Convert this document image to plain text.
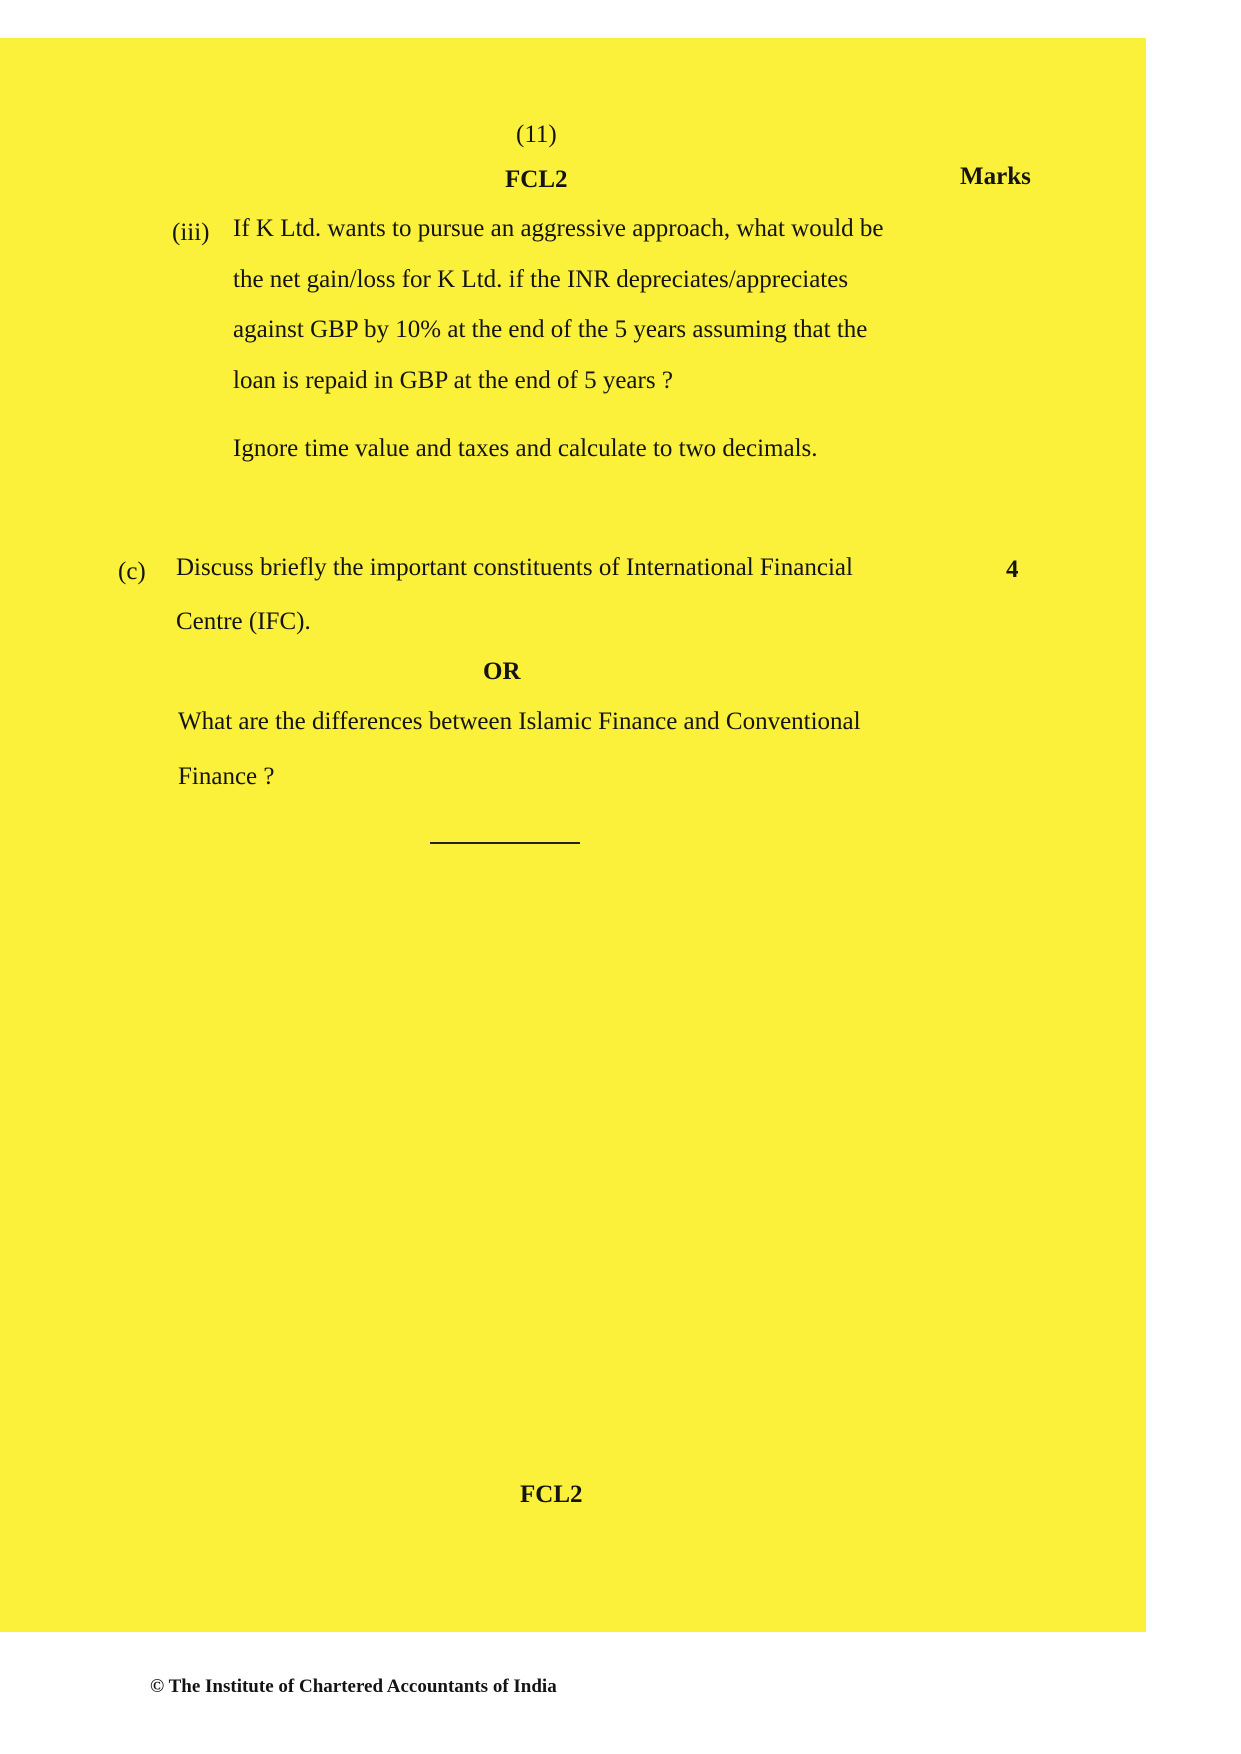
(11)
FCL2	Marks
(iii) If K Ltd. wants to pursue an aggressive approach, what would be
the net gain/loss for K Ltd. if the INR depreciates/appreciates
against GBP by 10% at the end of the 5 years assuming that the
loan is repaid in GBP at the end of 5 years ?
Ignore time value and taxes and calculate to two decimals.
(c) Discuss briefly the important constituents of International Financial	4
Centre (IFC).
OR
What are the differences between Islamic Finance and Conventional
Finance ?
FCL2
© The Institute of Chartered Accountants of India
